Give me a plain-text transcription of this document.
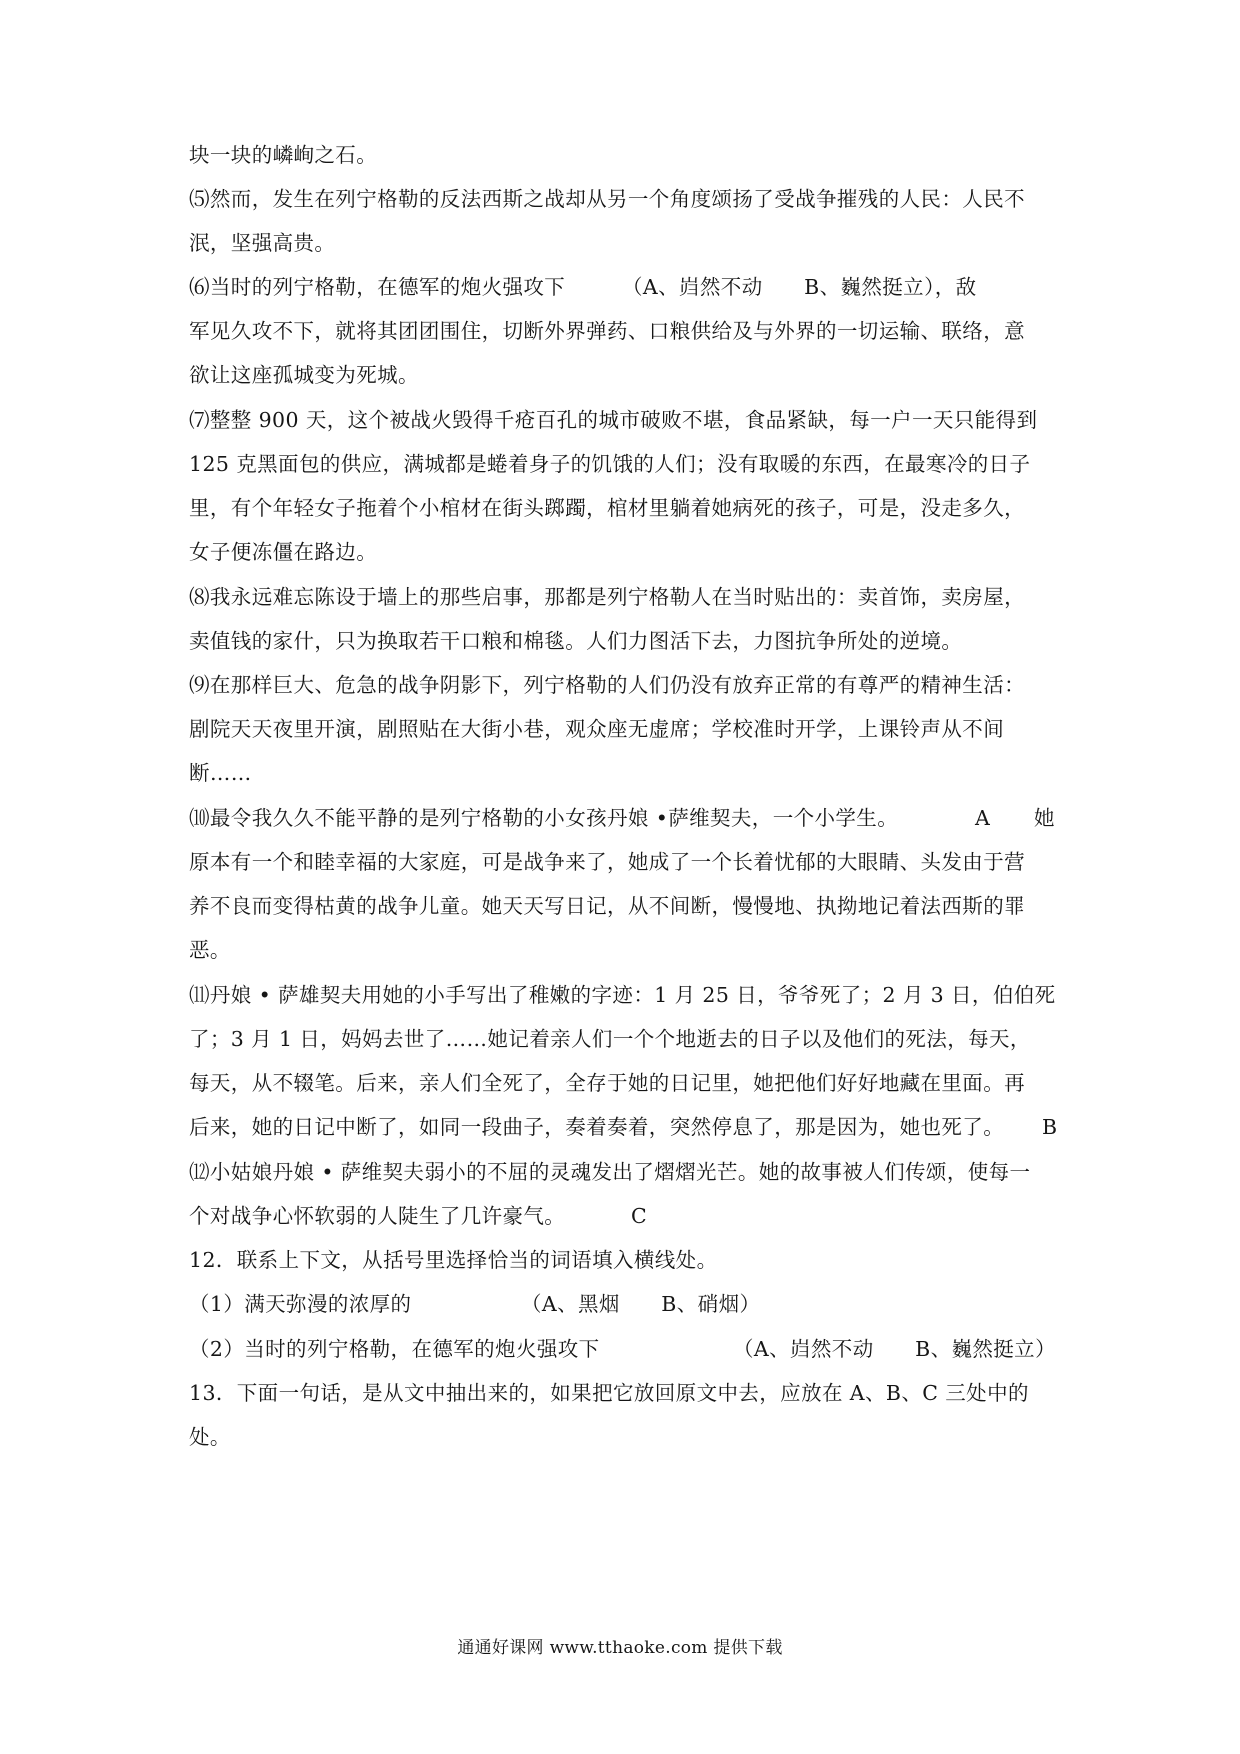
块一块的嶙峋之石。
⑸然而，发生在列宁格勒的反法西斯之战却从另一个角度颂扬了受战争摧残的人民：人民不
泯，坚强高贵。
⑹当时的列宁格勒，在德军的炮火强攻下	（A、岿然不动      B、巍然挺立），敌
军见久攻不下，就将其团团围住，切断外界弹药、口粮供给及与外界的一切运输、联络，意
欲让这座孤城变为死城。
⑺整整 900 天，这个被战火毁得千疮百孔的城市破败不堪，食品紧缺，每一户一天只能得到
125 克黑面包的供应，满城都是蜷着身子的饥饿的人们；没有取暖的东西，在最寒冷的日子
里，有个年轻女子拖着个小棺材在街头踯躅，棺材里躺着她病死的孩子，可是，没走多久，
女子便冻僵在路边。
⑻我永远难忘陈设于墙上的那些启事，那都是列宁格勒人在当时贴出的：卖首饰，卖房屋，
卖值钱的家什，只为换取若干口粮和棉毯。人们力图活下去，力图抗争所处的逆境。
⑼在那样巨大、危急的战争阴影下，列宁格勒的人们仍没有放弃正常的有尊严的精神生活：
剧院天天夜里开演，剧照贴在大街小巷，观众座无虚席；学校准时开学，上课铃声从不间
断……
⑽最令我久久不能平静的是列宁格勒的小女孩丹娘 •萨维契夫，一个小学生。	A 她
原本有一个和睦幸福的大家庭，可是战争来了，她成了一个长着忧郁的大眼睛、头发由于营
养不良而变得枯黄的战争儿童。她天天写日记，从不间断，慢慢地、执拗地记着法西斯的罪
恶。
⑾丹娘 • 萨雄契夫用她的小手写出了稚嫩的字迹：1 月 25 日，爷爷死了；2 月 3 日，伯伯死
了；3 月 1 日，妈妈去世了……她记着亲人们一个个地逝去的日子以及他们的死法，每天，
每天，从不辍笔。后来，亲人们全死了，全存于她的日记里，她把他们好好地藏在里面。再
后来，她的日记中断了，如同一段曲子，奏着奏着，突然停息了，那是因为，她也死了。 B
⑿小姑娘丹娘 • 萨维契夫弱小的不屈的灵魂发出了熠熠光芒。她的故事被人们传颂，使每一
个对战争心怀软弱的人陡生了几许豪气。	C
12．联系上下文，从括号里选择恰当的词语填入横线处。
（1）满天弥漫的浓厚的	（A、黑烟      B、硝烟）
（2）当时的列宁格勒，在德军的炮火强攻下	（A、岿然不动      B、巍然挺立）
13．下面一句话，是从文中抽出来的，如果把它放回原文中去，应放在 A、B、C 三处中的
处。
通通好课网 www.tthaoke.com 提供下载
